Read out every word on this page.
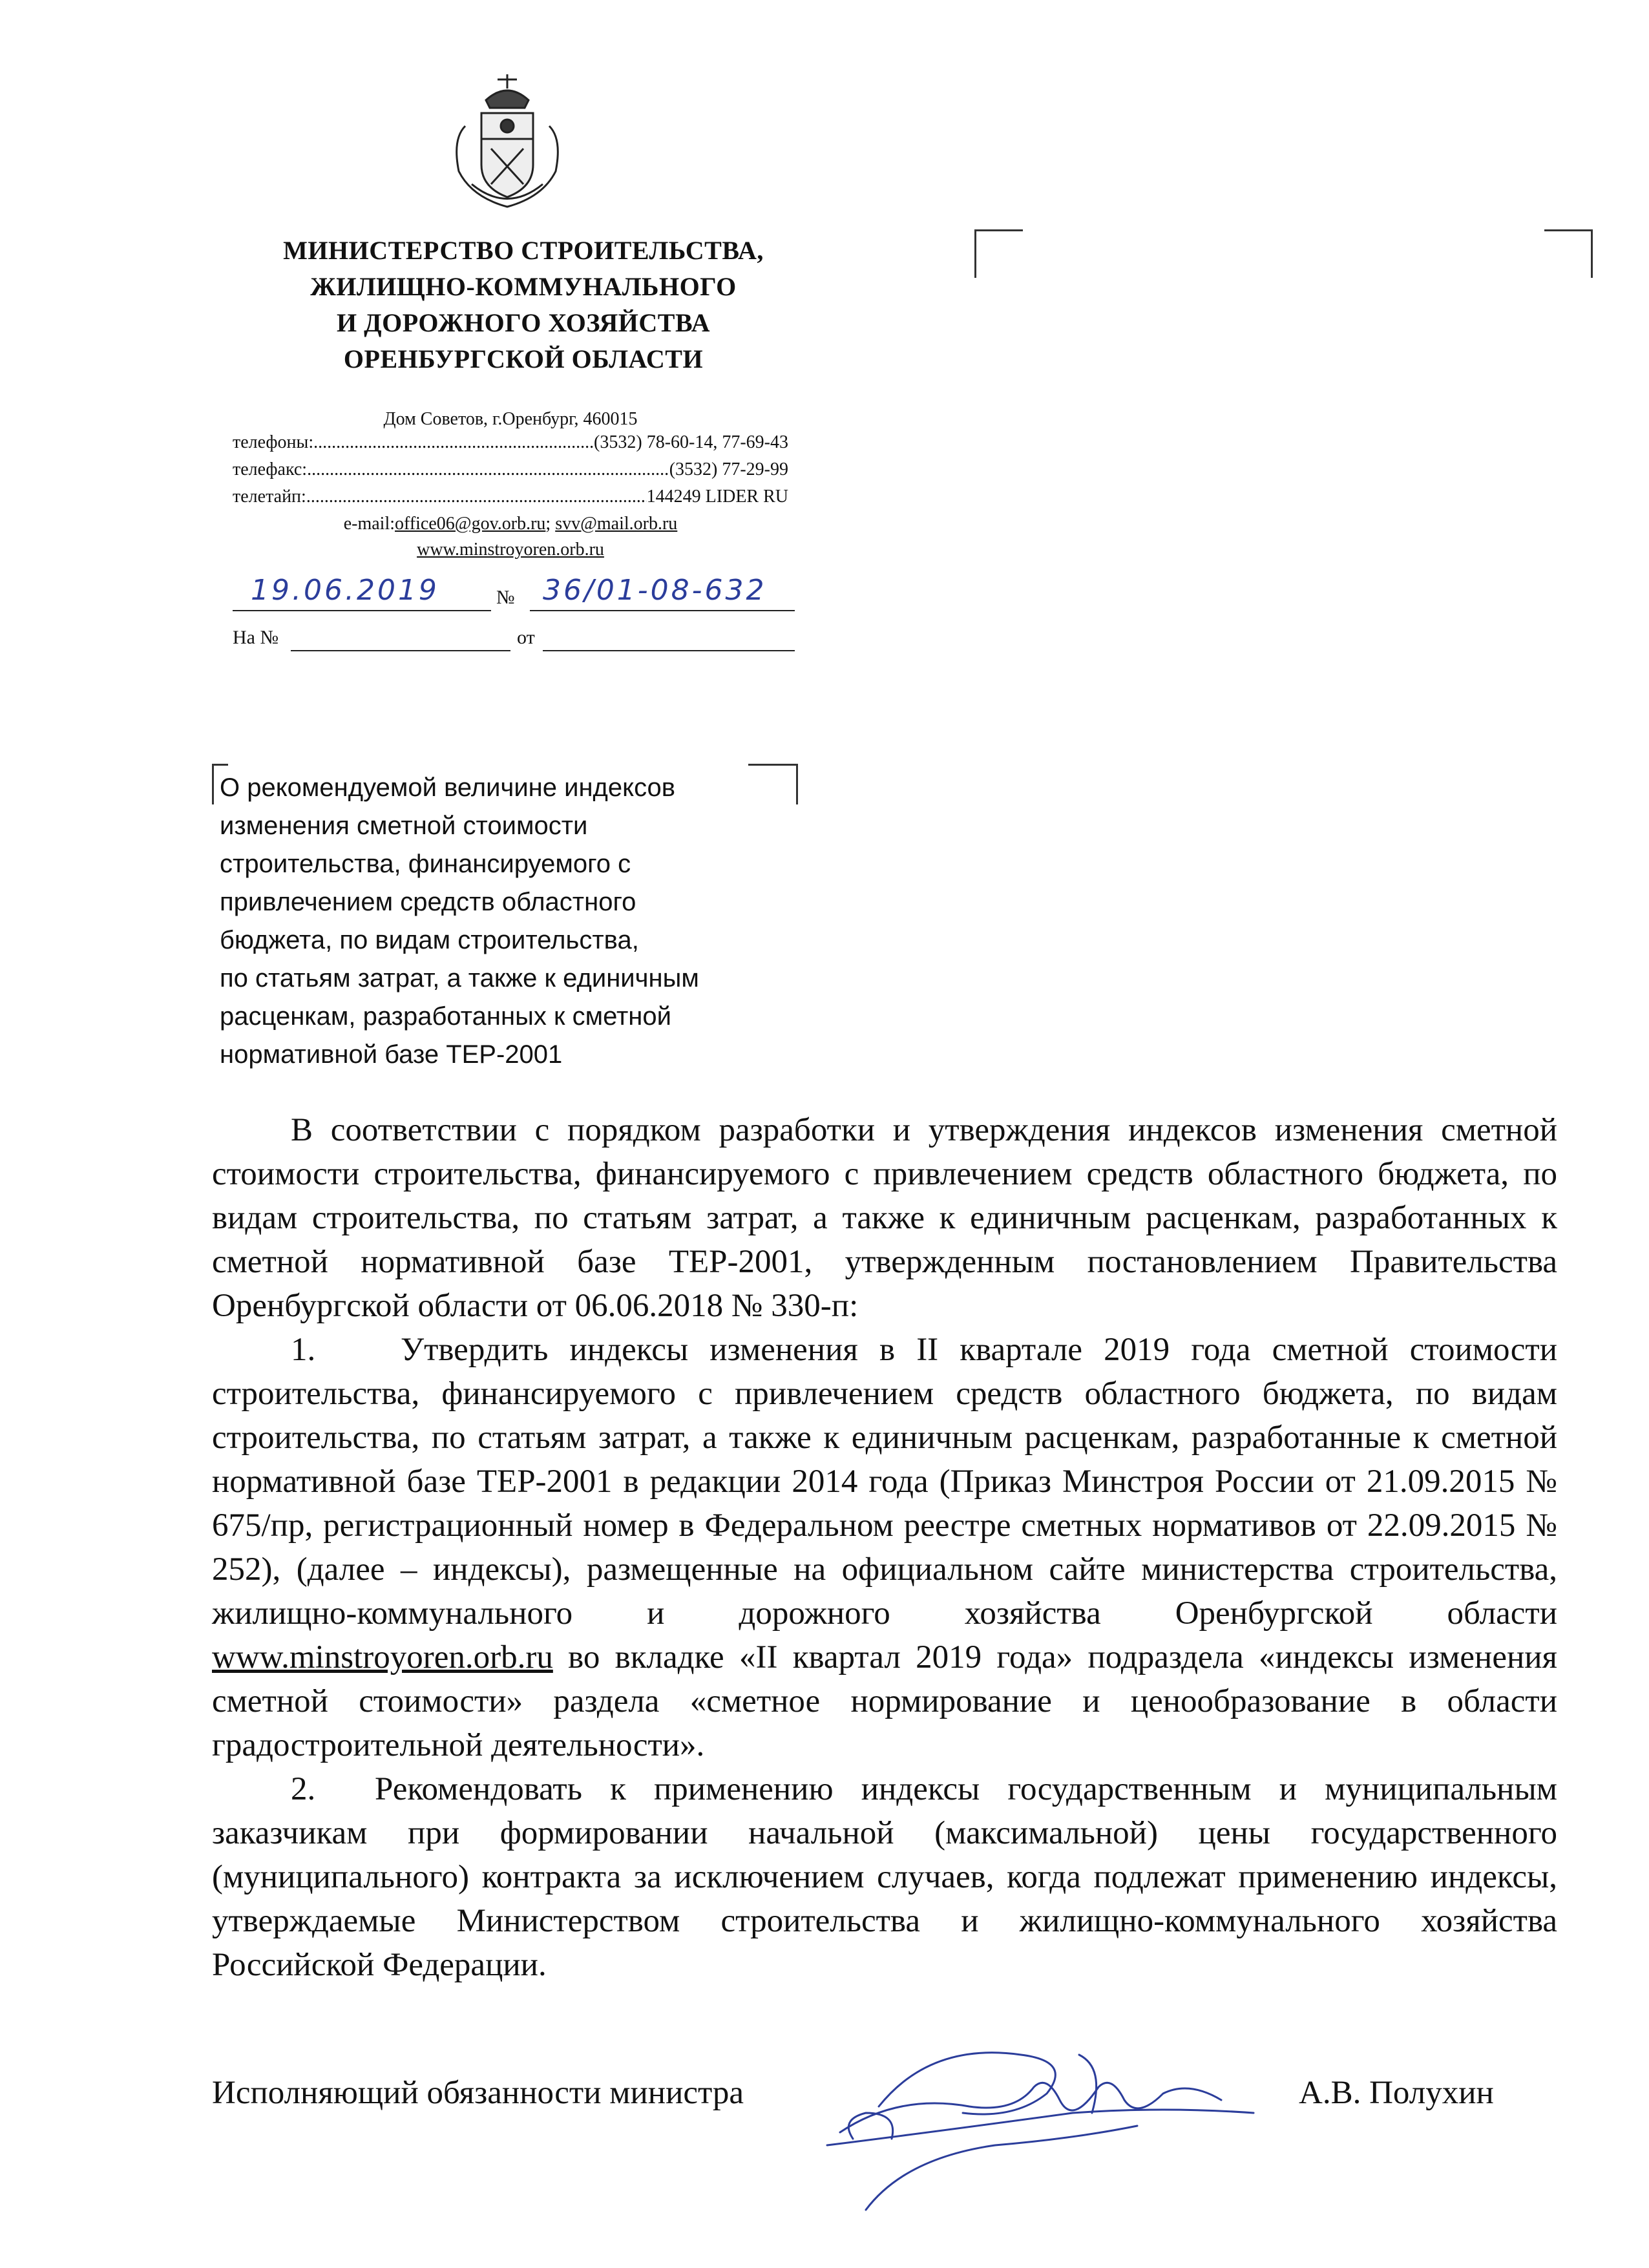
МИНИСТЕРСТВО СТРОИТЕЛЬСТВА,
ЖИЛИЩНО-КОММУНАЛЬНОГО
И ДОРОЖНОГО ХОЗЯЙСТВА
ОРЕНБУРГСКОЙ ОБЛАСТИ
Дом Советов, г.Оренбург, 460015
телефоны: .....	(3532) 78-60-14, 77-69-43
телефакс: .....	(3532) 77-29-99
телетайп: .....	144249 LIDER RU
e-mail:office06@gov.orb.ru; svv@mail.orb.ru
www.minstroyoren.orb.ru
19.06.2019	№ 36/01-08-632
На №	от
О рекомендуемой величине индексов
изменения сметной стоимости
строительства, финансируемого с
привлечением средств областного
бюджета, по видам строительства,
по статьям затрат, а также к единичным
расценкам, разработанных к сметной
нормативной базе ТЕР-2001

В соответствии с порядком разработки и утверждения индексов изменения сметной стоимости строительства, финансируемого с привлечением средств областного бюджета, по видам строительства, по статьям затрат, а также к единичным расценкам, разработанных к сметной нормативной базе ТЕР-2001, утвержденным постановлением Правительства Оренбургской области от 06.06.2018 № 330-п:

1.	Утвердить индексы изменения в II квартале 2019 года сметной стоимости строительства, финансируемого с привлечением средств областного бюджета, по видам строительства, по статьям затрат, а также к единичным расценкам, разработанные к сметной нормативной базе ТЕР-2001 в редакции 2014 года (Приказ Минстроя России от 21.09.2015 № 675/пр, регистрационный номер в Федеральном реестре сметных нормативов от 22.09.2015 № 252), (далее – индексы), размещенные на официальном сайте министерства строительства, жилищно-коммунального и дорожного хозяйства Оренбургской области www.minstroyoren.orb.ru во вкладке «II квартал 2019 года» подраздела «индексы изменения сметной стоимости» раздела «сметное нормирование и ценообразование в области градостроительной деятельности».

2. Рекомендовать к применению индексы государственным и муниципальным заказчикам при формировании начальной (максимальной) цены государственного (муниципального) контракта за исключением случаев, когда подлежат применению индексы, утверждаемые Министерством строительства и жилищно-коммунального хозяйства Российской Федерации.

Исполняющий обязанности министра	А.В. Полухин
